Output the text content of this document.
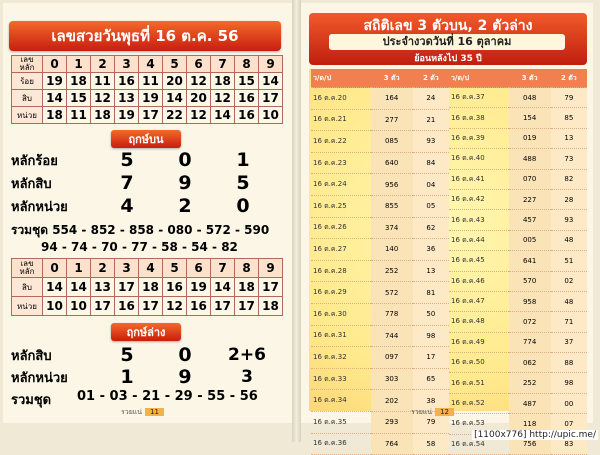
เลขสวยวันพุธที่ 16 ต.ค. 56
เลข
หลัก	0	1	2	3	4	5	6	7	8	9
ร้อย	19	18	11	16	11	20	12	18	15	14
สิบ	14	15	12	13	19	14	20	12	16	17
หน่วย	18	11	18	19	17	22	12	14	16	10
ฤกษ์บน
หลักร้อย	5	0	1
หลักสิบ	7	9	5
หลักหน่วย	4	2	0
รวมชุด 554 - 852 - 858 - 080 - 572 - 590
94 - 74 - 70 - 77 - 58 - 54 - 82
เลข
หลัก	0	1	2	3	4	5	6	7	8	9
สิบ	14	14	13	17	18	16	19	14	18	17
หน่วย	10	10	17	16	17	12	16	17	17	18
ฤกษ์ล่าง
หลักสิบ	5	0	2+6
หลักหน่วย	1	9	3
รวมชุด 01 - 03 - 21 - 29 - 55 - 56
รวยแน่ 11
สถิติเลข 3 ตัวบน, 2 ตัวล่าง
ประจำงวดวันที่ 16 ตุลาคม
ย้อนหลังไป 35 ปี
ว/ด/ป	3 ตัว	2 ตัว
16 ต.ค.20	164	24
16 ต.ค.21	277	21
16 ต.ค.22	085	93
16 ต.ค.23	640	84
16 ต.ค.24	956	04
16 ต.ค.25	855	05
16 ต.ค.26	374	62
16 ต.ค.27	140	36
16 ต.ค.28	252	13
16 ต.ค.29	572	81
16 ต.ค.30	778	50
16 ต.ค.31	744	98
16 ต.ค.32	097	17
16 ต.ค.33	303	65
16 ต.ค.34	202	38
16 ต.ค.35	293	79
16 ต.ค.36	764	58
ว/ด/ป	3 ตัว	2 ตัว
16 ต.ค.37	048	79
16 ต.ค.38	154	85
16 ต.ค.39	019	13
16 ต.ค.40	488	73
16 ต.ค.41	070	82
16 ต.ค.42	227	28
16 ต.ค.43	457	93
16 ต.ค.44	005	48
16 ต.ค.45	641	51
16 ต.ค.46	570	02
16 ต.ค.47	958	48
16 ต.ค.48	072	71
16 ต.ค.49	774	37
16 ต.ค.50	062	88
16 ต.ค.51	252	98
16 ต.ค.52	487	00
16 ต.ค.53	118	07
16 ต.ค.54	756	83
รวยแน่ 12
[1100x776] http://upic.me/
